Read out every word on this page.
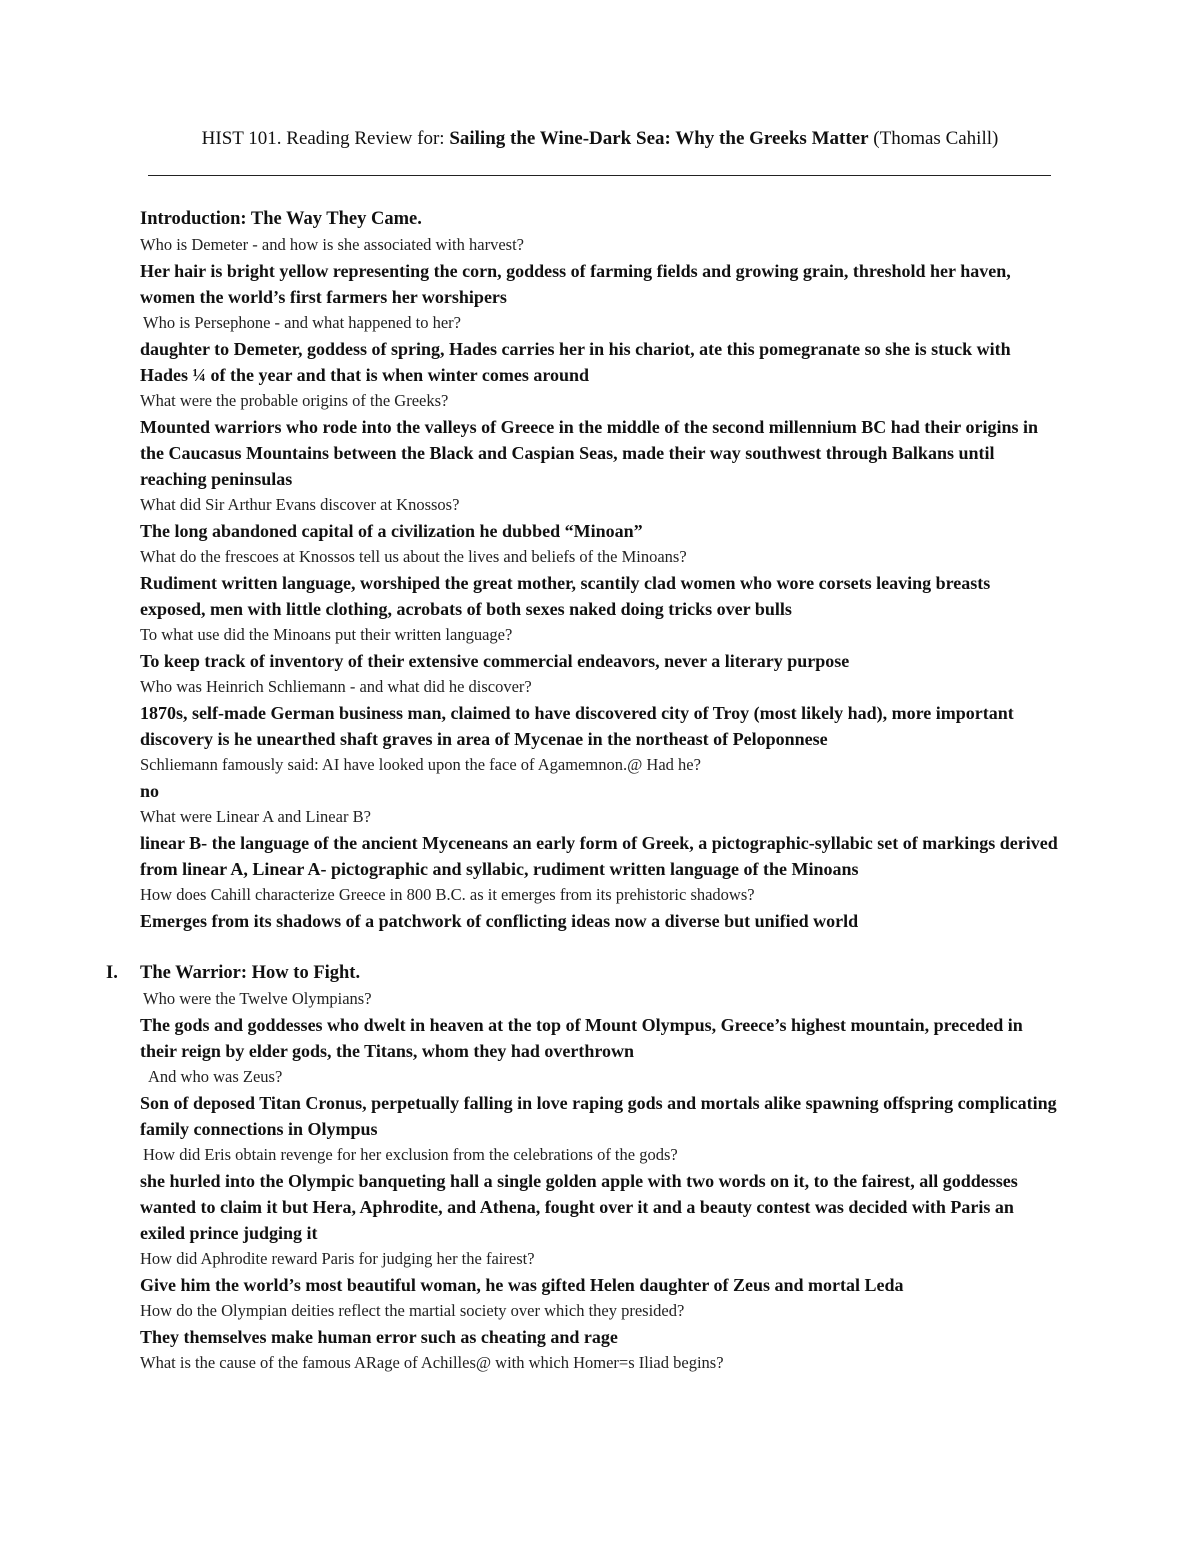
HIST 101. Reading Review for: Sailing the Wine-Dark Sea: Why the Greeks Matter (Thomas Cahill)
Introduction: The Way They Came.
Who is Demeter - and how is she associated with harvest?
Her hair is bright yellow representing the corn, goddess of farming fields and growing grain, threshold her haven, women the world’s first farmers her worshipers
Who is Persephone - and what happened to her?
daughter to Demeter, goddess of spring, Hades carries her in his chariot, ate this pomegranate so she is stuck with Hades ¼ of the year and that is when winter comes around
What were the probable origins of the Greeks?
Mounted warriors who rode into the valleys of Greece in the middle of the second millennium BC had their origins in the Caucasus Mountains between the Black and Caspian Seas, made their way southwest through Balkans until reaching peninsulas
What did Sir Arthur Evans discover at Knossos?
The long abandoned capital of a civilization he dubbed “Minoan”
What do the frescoes at Knossos tell us about the lives and beliefs of the Minoans?
Rudiment written language, worshiped the great mother, scantily clad women who wore corsets leaving breasts exposed, men with little clothing, acrobats of both sexes naked doing tricks over bulls
To what use did the Minoans put their written language?
To keep track of inventory of their extensive commercial endeavors, never a literary purpose
Who was Heinrich Schliemann - and what did he discover?
1870s, self-made German business man, claimed to have discovered city of Troy (most likely had), more important discovery is he unearthed shaft graves in area of Mycenae in the northeast of Peloponnese
Schliemann famously said: AI have looked upon the face of Agamemnon.@ Had he?
no
What were Linear A and Linear B?
linear B- the language of the ancient Myceneans an early form of Greek, a pictographic-syllabic set of markings derived from linear A, Linear A- pictographic and syllabic, rudiment written language of the Minoans
How does Cahill characterize Greece in 800 B.C. as it emerges from its prehistoric shadows?
Emerges from its shadows of a patchwork of conflicting ideas now a diverse but unified world
I. The Warrior: How to Fight.
Who were the Twelve Olympians?
The gods and goddesses who dwelt in heaven at the top of Mount Olympus, Greece’s highest mountain, preceded in their reign by elder gods, the Titans, whom they had overthrown
And who was Zeus?
Son of deposed Titan Cronus, perpetually falling in love raping gods and mortals alike spawning offspring complicating family connections in Olympus
How did Eris obtain revenge for her exclusion from the celebrations of the gods?
she hurled into the Olympic banqueting hall a single golden apple with two words on it, to the fairest, all goddesses wanted to claim it but Hera, Aphrodite, and Athena, fought over it and a beauty contest was decided with Paris an exiled prince judging it
How did Aphrodite reward Paris for judging her the fairest?
Give him the world’s most beautiful woman, he was gifted Helen daughter of Zeus and mortal Leda
How do the Olympian deities reflect the martial society over which they presided?
They themselves make human error such as cheating and rage
What is the cause of the famous ARage of Achilles@ with which Homer=s Iliad begins?
